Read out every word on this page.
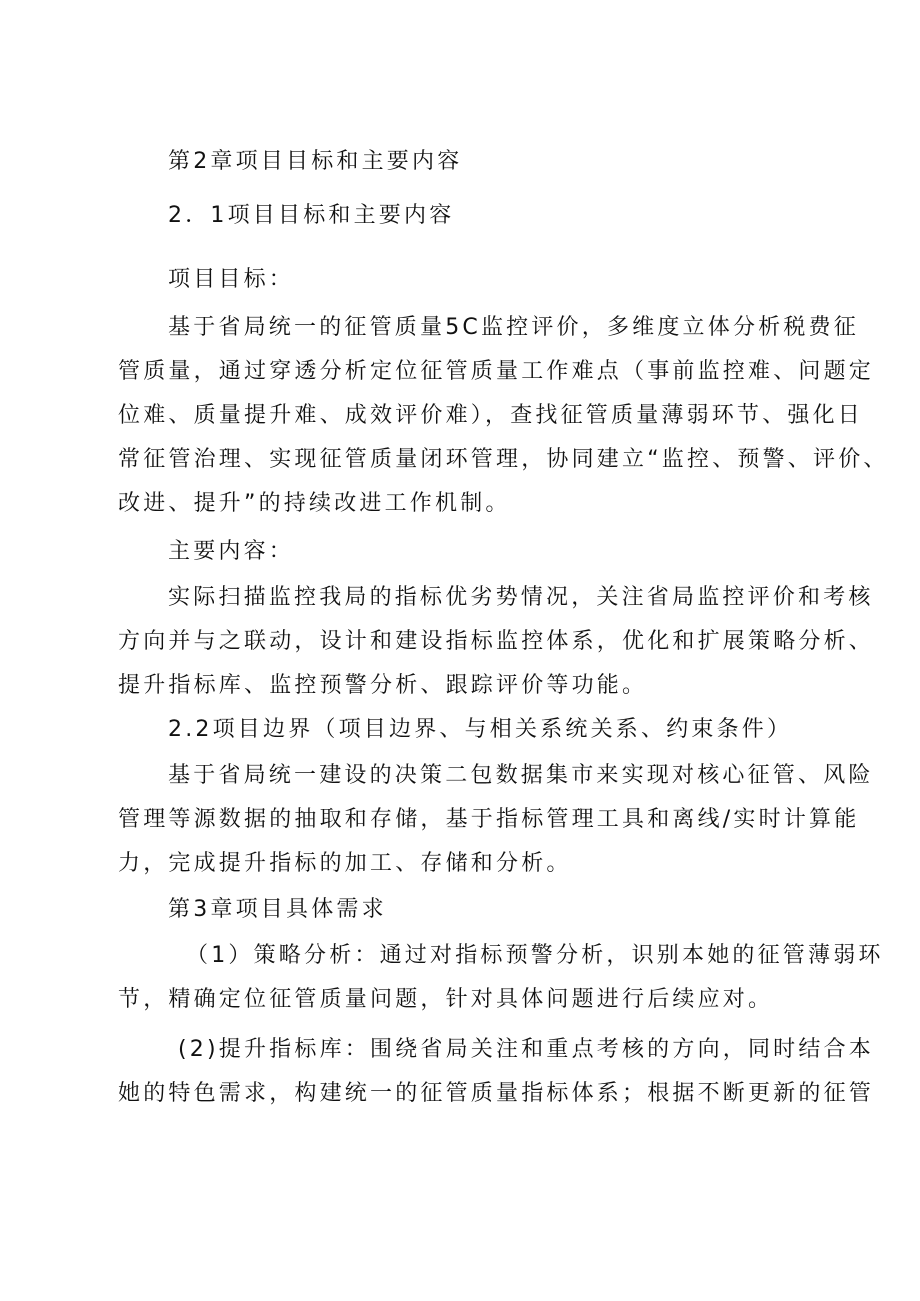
第2章项目目标和主要内容
2．1项目目标和主要内容
项目目标：
基于省局统一的征管质量5C监控评价，多维度立体分析税费征
管质量，通过穿透分析定位征管质量工作难点（事前监控难、问题定
位难、质量提升难、成效评价难），查找征管质量薄弱环节、强化日
常征管治理、实现征管质量闭环管理，协同建立“监控、预警、评价、
改进、提升”的持续改进工作机制。
主要内容：
实际扫描监控我局的指标优劣势情况，关注省局监控评价和考核
方向并与之联动，设计和建设指标监控体系，优化和扩展策略分析、
提升指标库、监控预警分析、跟踪评价等功能。
2.2项目边界（项目边界、与相关系统关系、约束条件）
基于省局统一建设的决策二包数据集市来实现对核心征管、风险
管理等源数据的抽取和存储，基于指标管理工具和离线/实时计算能
力，完成提升指标的加工、存储和分析。
第3章项目具体需求
（1）策略分析：通过对指标预警分析，识别本她的征管薄弱环
节，精确定位征管质量问题，针对具体问题进行后续应对。
(2)提升指标库：围绕省局关注和重点考核的方向，同时结合本
她的特色需求，构建统一的征管质量指标体系；根据不断更新的征管
